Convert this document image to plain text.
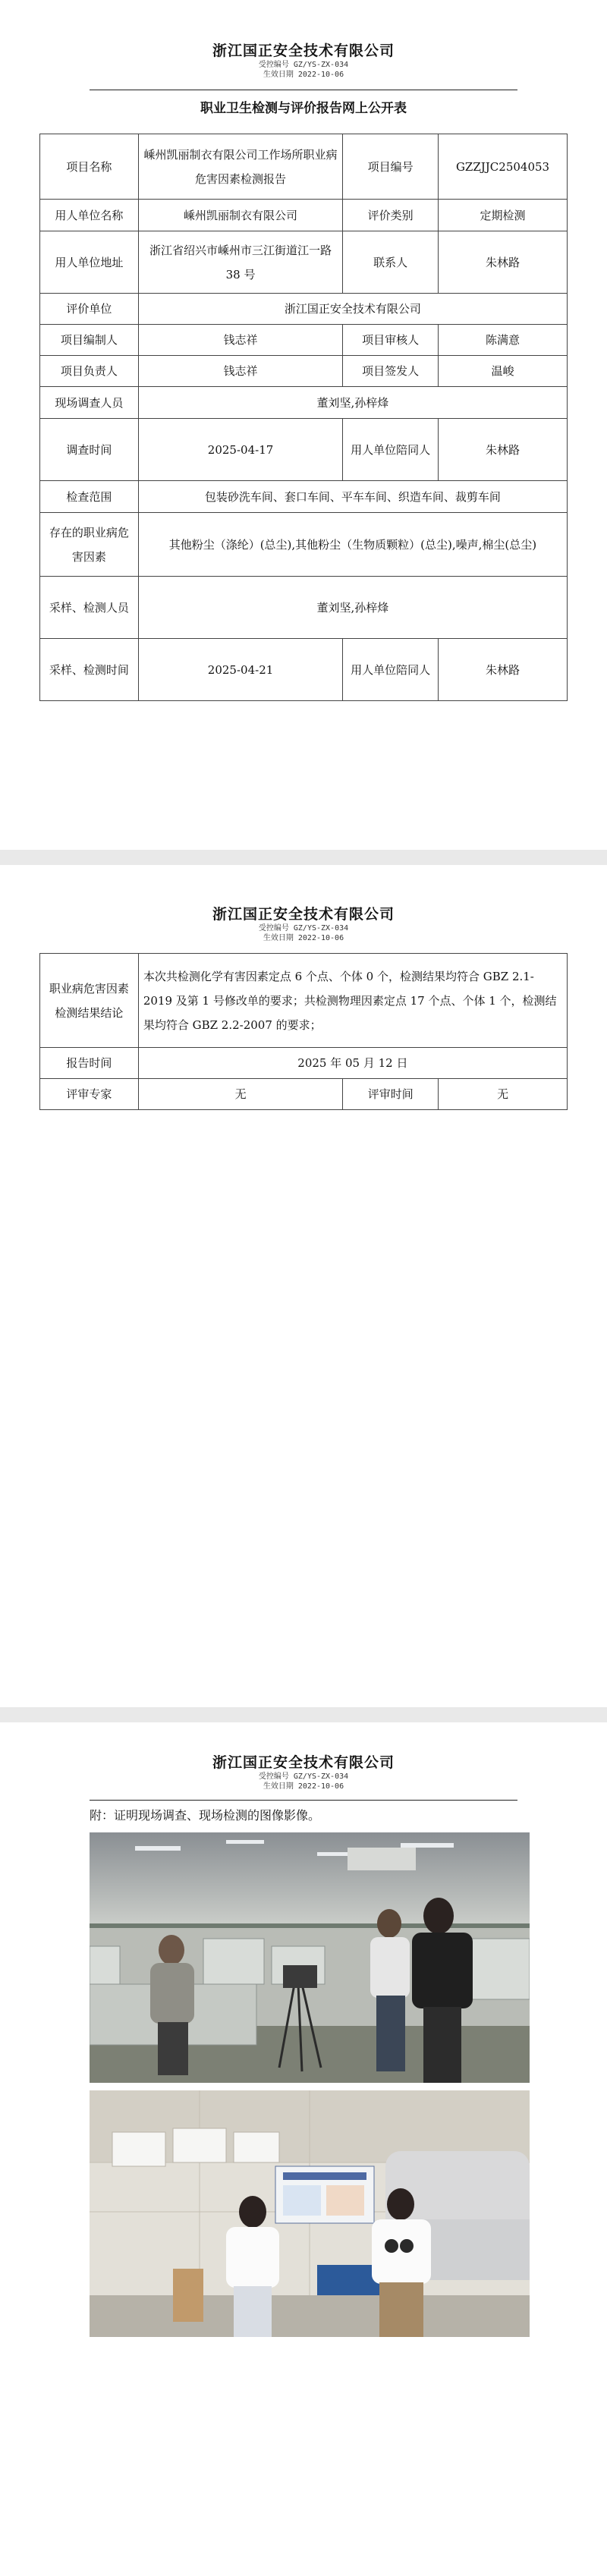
浙江国正安全技术有限公司
受控编号 GZ/YS-ZX-034
生效日期 2022-10-06
职业卫生检测与评价报告网上公开表
项目名称	嵊州凯丽制衣有限公司工作场所职业病危害因素检测报告	项目编号	GZZJJC2504053
用人单位名称	嵊州凯丽制衣有限公司	评价类别	定期检测
用人单位地址	浙江省绍兴市嵊州市三江街道江一路 38 号	联系人	朱林路
评价单位	浙江国正安全技术有限公司		
项目编制人	钱志祥	项目审核人	陈满意
项目负责人	钱志祥	项目签发人	温峻
现场调查人员	董刘坚,孙梓烽		
调查时间	2025-04-17	用人单位陪同人	朱林路
检查范围	包装砂洗车间、套口车间、平车车间、织造车间、裁剪车间		
存在的职业病危害因素	其他粉尘（涤纶）(总尘),其他粉尘（生物质颗粒）(总尘),噪声,棉尘(总尘)		
采样、检测人员	董刘坚,孙梓烽		
采样、检测时间	2025-04-21	用人单位陪同人	朱林路
浙江国正安全技术有限公司
受控编号 GZ/YS-ZX-034
生效日期 2022-10-06
职业病危害因素检测结果结论	本次共检测化学有害因素定点 6 个点、个体 0 个，检测结果均符合 GBZ 2.1-2019 及第 1 号修改单的要求；共检测物理因素定点 17 个点、个体 1 个，检测结果均符合 GBZ 2.2-2007 的要求；		
报告时间	2025 年 05 月 12 日		
评审专家	无	评审时间	无
浙江国正安全技术有限公司
受控编号 GZ/YS-ZX-034
生效日期 2022-10-06
附：证明现场调查、现场检测的图像影像。
